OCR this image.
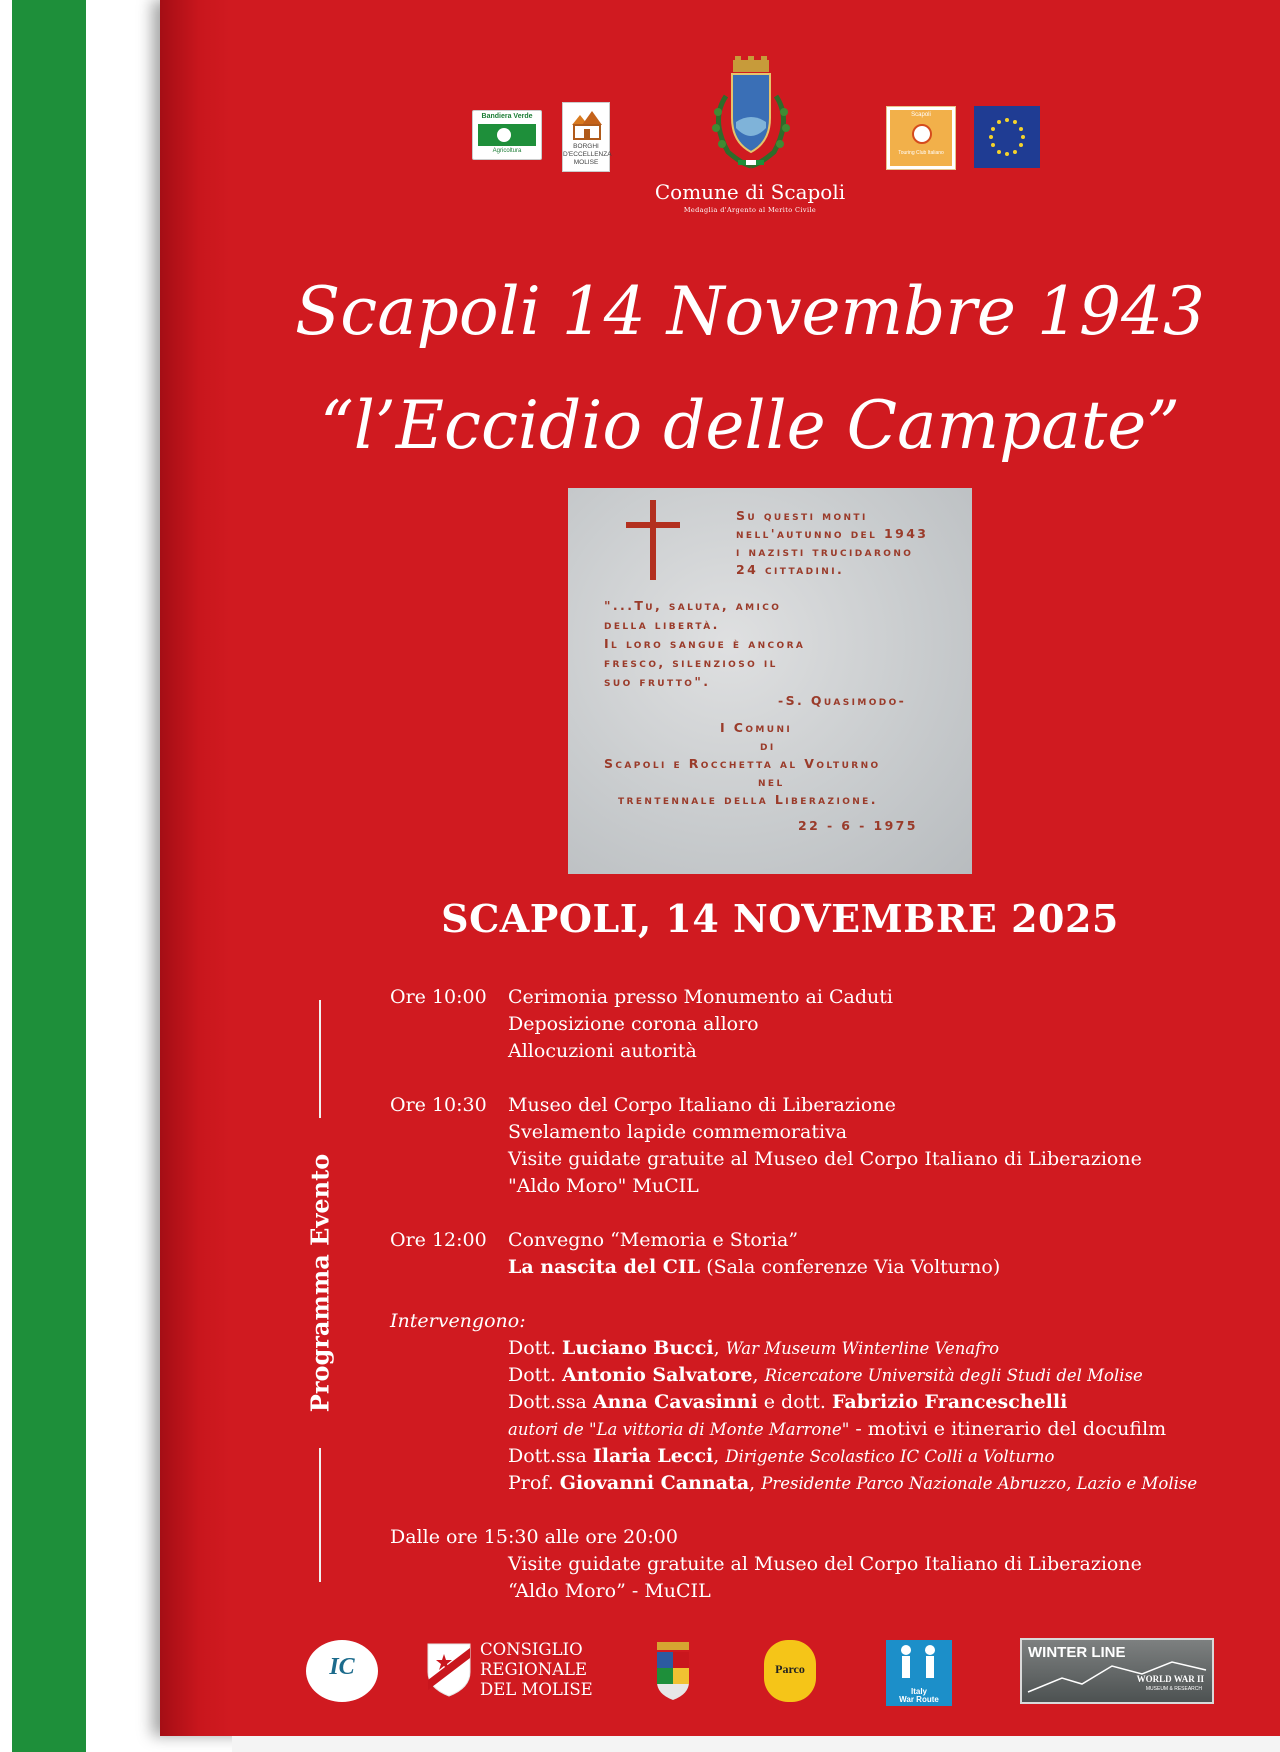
Bandiera Verde
Agricoltura
BORGHI
D'ECCELLENZA
MOLISE
Comune di Scapoli
Medaglia d'Argento al Merito Civile
Scapoli
Touring Club Italiano
Scapoli 14 Novembre 1943
“l’Eccidio delle Campate”

Su questi monti

nell'autunno del 1943

i nazisti trucidarono

24 cittadini.

"...Tu, saluta, amico

della libertà.

Il loro sangue è ancora

fresco, silenzioso il

suo frutto".

-S. Quasimodo-

I Comuni

di

Scapoli e Rocchetta al Volturno

nel

trentennale della Liberazione.

22 - 6 - 1975

SCAPOLI, 14 NOVEMBRE 2025
Programma Evento
Ore 10:00 Cerimonia presso Monumento ai Caduti
Deposizione corona alloro
Allocuzioni autorità
Ore 10:30 Museo del Corpo Italiano di Liberazione
Svelamento lapide commemorativa
Visite guidate gratuite al Museo del Corpo Italiano di Liberazione
"Aldo Moro" MuCIL
Ore 12:00 Convegno “Memoria e Storia”
La nascita del CIL (Sala conferenze Via Volturno)
Intervengono:
Dott. Luciano Bucci, War Museum Winterline Venafro
Dott. Antonio Salvatore, Ricercatore Università degli Studi del Molise
Dott.ssa Anna Cavasinni e dott. Fabrizio Franceschelli
autori de "La vittoria di Monte Marrone" - motivi e itinerario del docufilm
Dott.ssa Ilaria Lecci, Dirigente Scolastico IC Colli a Volturno
Prof. Giovanni Cannata, Presidente Parco Nazionale Abruzzo, Lazio e Molise
Dalle ore 15:30 alle ore 20:00
Visite guidate gratuite al Museo del Corpo Italiano di Liberazione
“Aldo Moro” - MuCIL
IC
CONSIGLIO
REGIONALE
DEL MOLISE
Parco
Italy
War Route
WINTER LINE
WORLD WAR II
MUSEUM & RESEARCH
